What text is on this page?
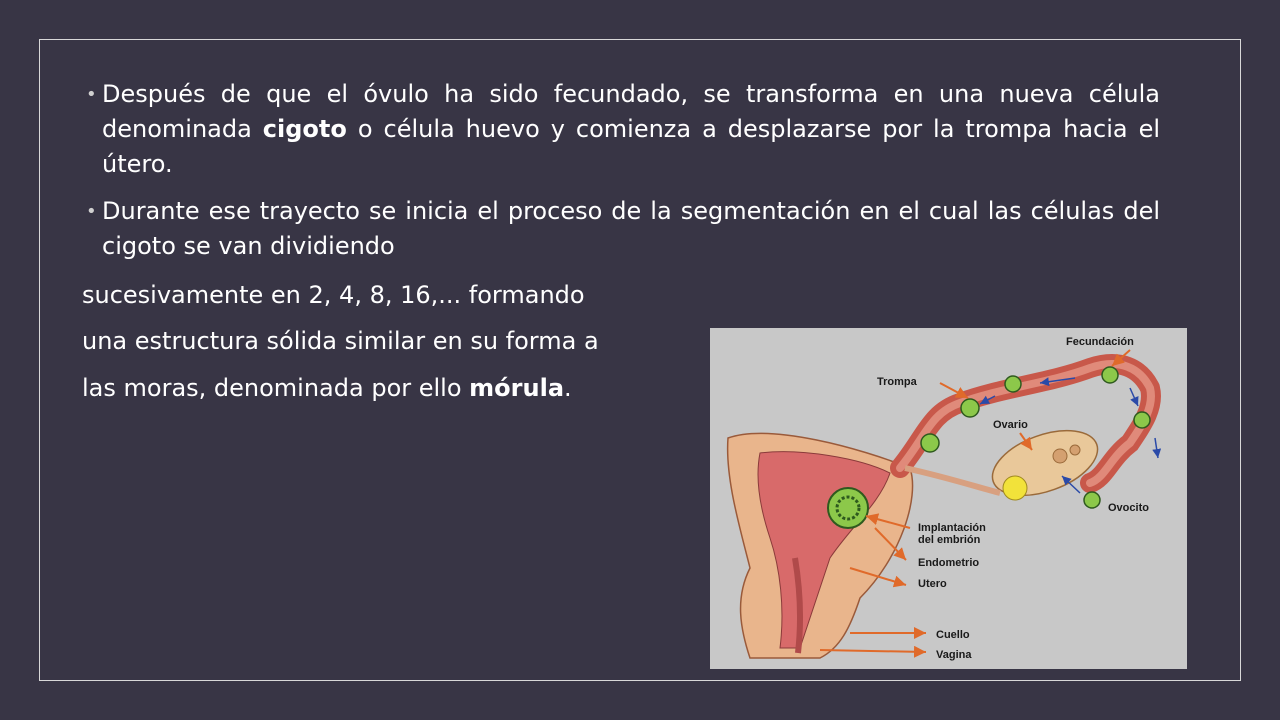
• Después de que el óvulo ha sido fecundado, se transforma en una nueva célula denominada cigoto o célula huevo y comienza a desplazarse por la trompa hacia el útero.
• Durante ese trayecto se inicia el proceso de la segmentación en el cual las células del cigoto se van dividiendo
sucesivamente en 2, 4, 8, 16,... formando
una estructura sólida similar en su forma a
las moras, denominada por ello mórula.
Fecundación
Trompa
Ovario
Ovocito
Implantación
del embrión
Endometrio
Utero
Cuello
Vagina
